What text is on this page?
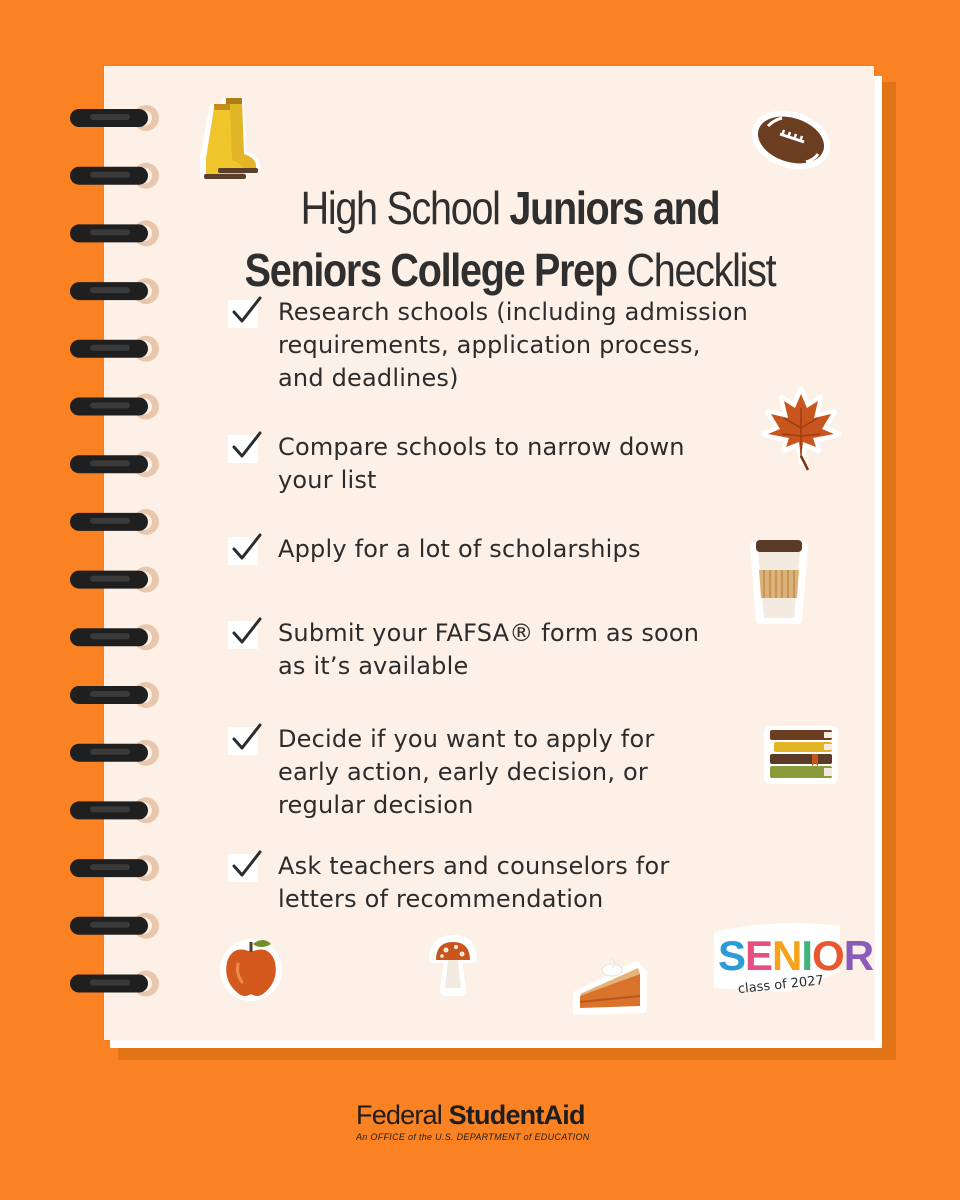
High School Juniors and
Seniors College Prep Checklist
Research schools (including admission
requirements, application process,
and deadlines)
Compare schools to narrow down
your list
Apply for a lot of scholarships
Submit your FAFSA® form as soon
as it’s available
Decide if you want to apply for
early action, early decision, or
regular decision
Ask teachers and counselors for
letters of recommendation
SENIOR
class of 2027
Federal StudentAid
An OFFICE of the U.S. DEPARTMENT of EDUCATION
